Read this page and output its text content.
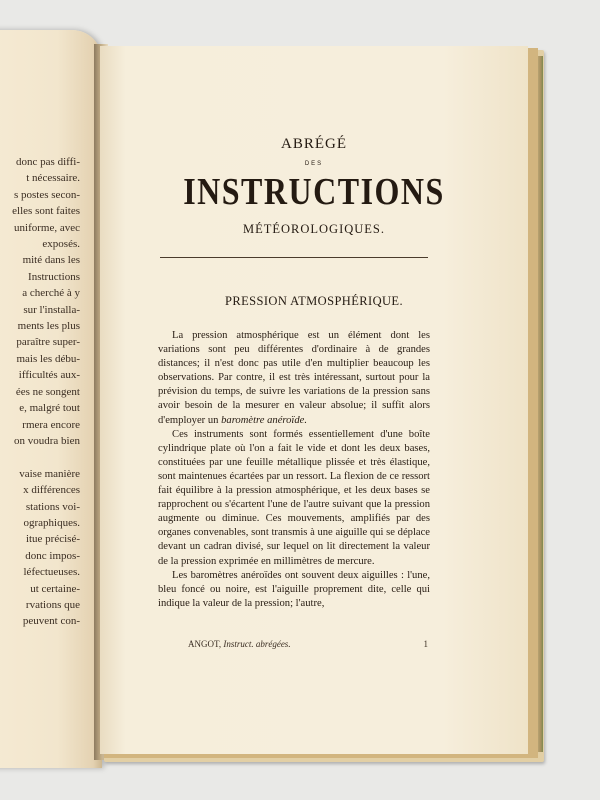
donc pas diffi-
t nécessaire.
s postes secon-
elles sont faites
uniforme, avec
exposés.
mité dans les
Instructions
a cherché à y
sur l'installa-
ments les plus
paraître super-
mais les débu-
ifficultés aux-
ées ne songent
e, malgré tout
rmera encore
on voudra bien

vaise manière
x différences
stations voi-
ographiques.
itue précisé-
donc impos-
léfectueuses.
ut certaine-
rvations que
peuvent con-
ABRÉGÉ
DES
INSTRUCTIONS
MÉTÉOROLOGIQUES.
PRESSION ATMOSPHÉRIQUE.

La pression atmosphérique est un élément dont les variations sont peu différentes d'ordinaire à de grandes distances; il n'est donc pas utile d'en multiplier beaucoup les observations. Par contre, il est très intéressant, surtout pour la prévision du temps, de suivre les variations de la pression sans avoir besoin de la mesurer en valeur absolue; il suffit alors d'employer un baromètre anéroïde.

Ces instruments sont formés essentiellement d'une boîte cylindrique plate où l'on a fait le vide et dont les deux bases, constituées par une feuille métallique plissée et très élastique, sont maintenues écartées par un ressort. La flexion de ce ressort fait équilibre à la pression atmosphérique, et les deux bases se rapprochent ou s'écartent l'une de l'autre suivant que la pression augmente ou diminue. Ces mouvements, amplifiés par des organes convenables, sont transmis à une aiguille qui se déplace devant un cadran divisé, sur lequel on lit directement la valeur de la pression exprimée en millimètres de mercure.

Les baromètres anéroïdes ont souvent deux aiguilles : l'une, bleu foncé ou noire, est l'aiguille proprement dite, celle qui indique la valeur de la pression; l'autre,

ANGOT, Instruct. abrégées.	1
